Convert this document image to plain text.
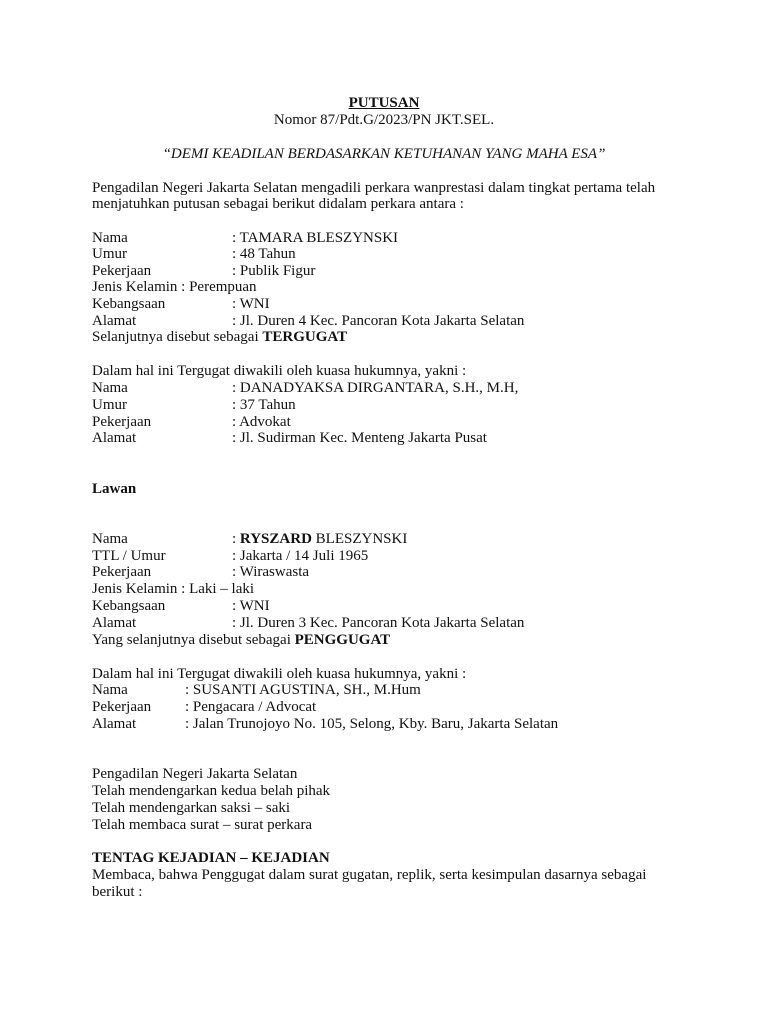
PUTUSAN
Nomor 87/Pdt.G/2023/PN JKT.SEL.
“DEMI KEADILAN BERDASARKAN KETUHANAN YANG MAHA ESA”
Pengadilan Negeri Jakarta Selatan mengadili perkara wanprestasi dalam tingkat pertama telah
menjatuhkan putusan sebagai berikut didalam perkara antara :
Nama	: TAMARA BLESZYNSKI
Umur	: 48 Tahun
Pekerjaan	: Publik Figur
Jenis Kelamin : Perempuan
Kebangsaan	: WNI
Alamat	: Jl. Duren 4 Kec. Pancoran Kota Jakarta Selatan
Selanjutnya disebut sebagai TERGUGAT
Dalam hal ini Tergugat diwakili oleh kuasa hukumnya, yakni :
Nama	: DANADYAKSA DIRGANTARA, S.H., M.H,
Umur	: 37 Tahun
Pekerjaan	: Advokat
Alamat	: Jl. Sudirman Kec. Menteng Jakarta Pusat
Lawan
Nama	: RYSZARD BLESZYNSKI
TTL / Umur	: Jakarta / 14 Juli 1965
Pekerjaan	: Wiraswasta
Jenis Kelamin : Laki – laki
Kebangsaan	: WNI
Alamat	: Jl. Duren 3 Kec. Pancoran Kota Jakarta Selatan
Yang selanjutnya disebut sebagai PENGGUGAT
Dalam hal ini Tergugat diwakili oleh kuasa hukumnya, yakni :
Nama	: SUSANTI AGUSTINA, SH., M.Hum
Pekerjaan : Pengacara / Advocat
Alamat	: Jalan Trunojoyo No. 105, Selong, Kby. Baru, Jakarta Selatan
Pengadilan Negeri Jakarta Selatan
Telah mendengarkan kedua belah pihak
Telah mendengarkan saksi – saki
Telah membaca surat – surat perkara
TENTAG KEJADIAN – KEJADIAN
Membaca, bahwa Penggugat dalam surat gugatan, replik, serta kesimpulan dasarnya sebagai
berikut :
